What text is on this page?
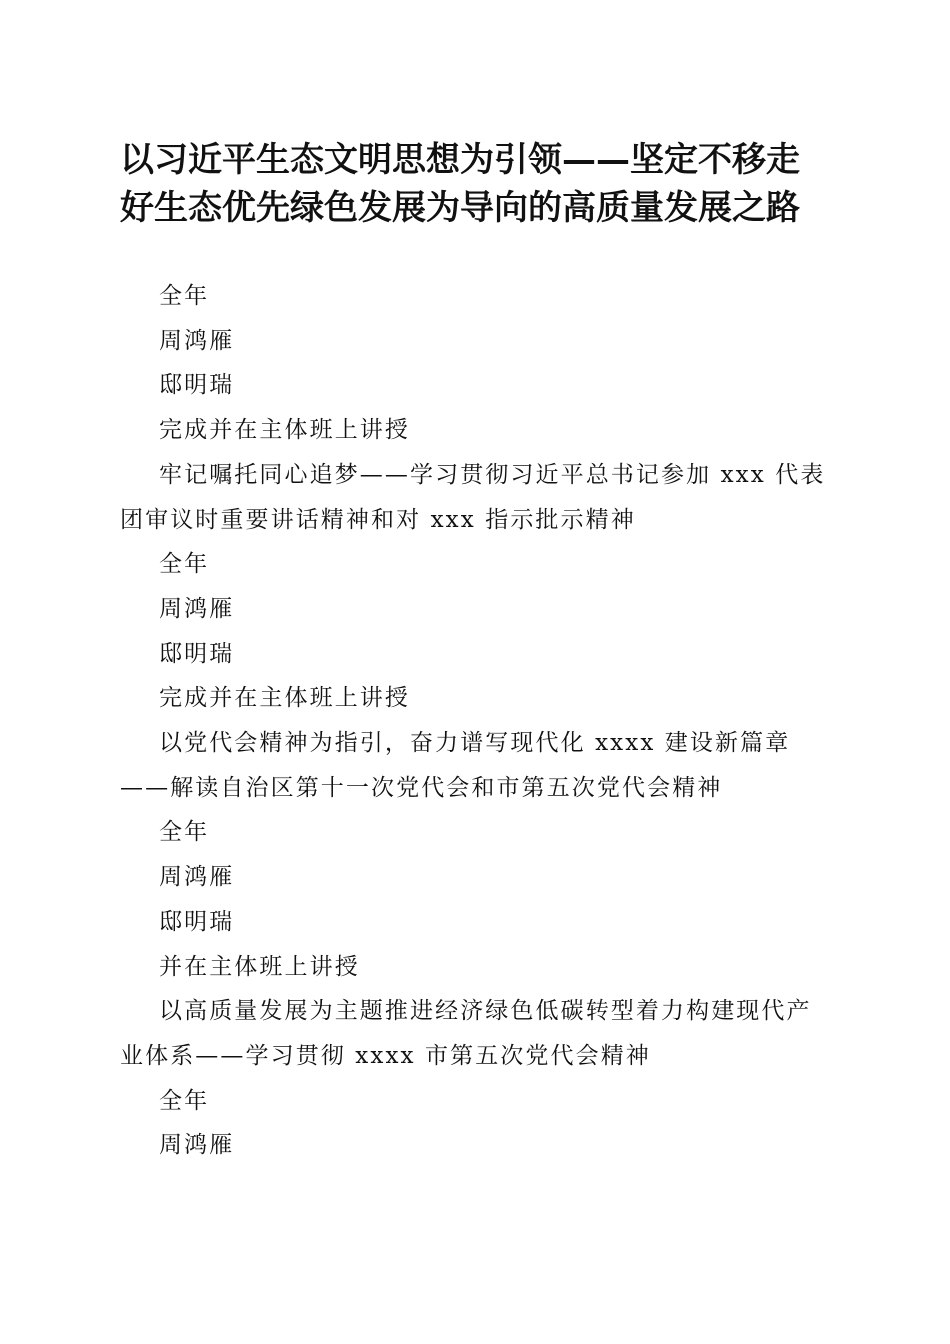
以习近平生态文明思想为引领——坚定不移走
好生态优先绿色发展为导向的高质量发展之路

全年

周鸿雁

邸明瑞

完成并在主体班上讲授

牢记嘱托同心追梦——学习贯彻习近平总书记参加 xxx 代表团审议时重要讲话精神和对 xxx 指示批示精神

全年

周鸿雁

邸明瑞

完成并在主体班上讲授

以党代会精神为指引，奋力谱写现代化 xxxx 建设新篇章——解读自治区第十一次党代会和市第五次党代会精神

全年

周鸿雁

邸明瑞

并在主体班上讲授

以高质量发展为主题推进经济绿色低碳转型着力构建现代产业体系——学习贯彻 xxxx 市第五次党代会精神

全年

周鸿雁
